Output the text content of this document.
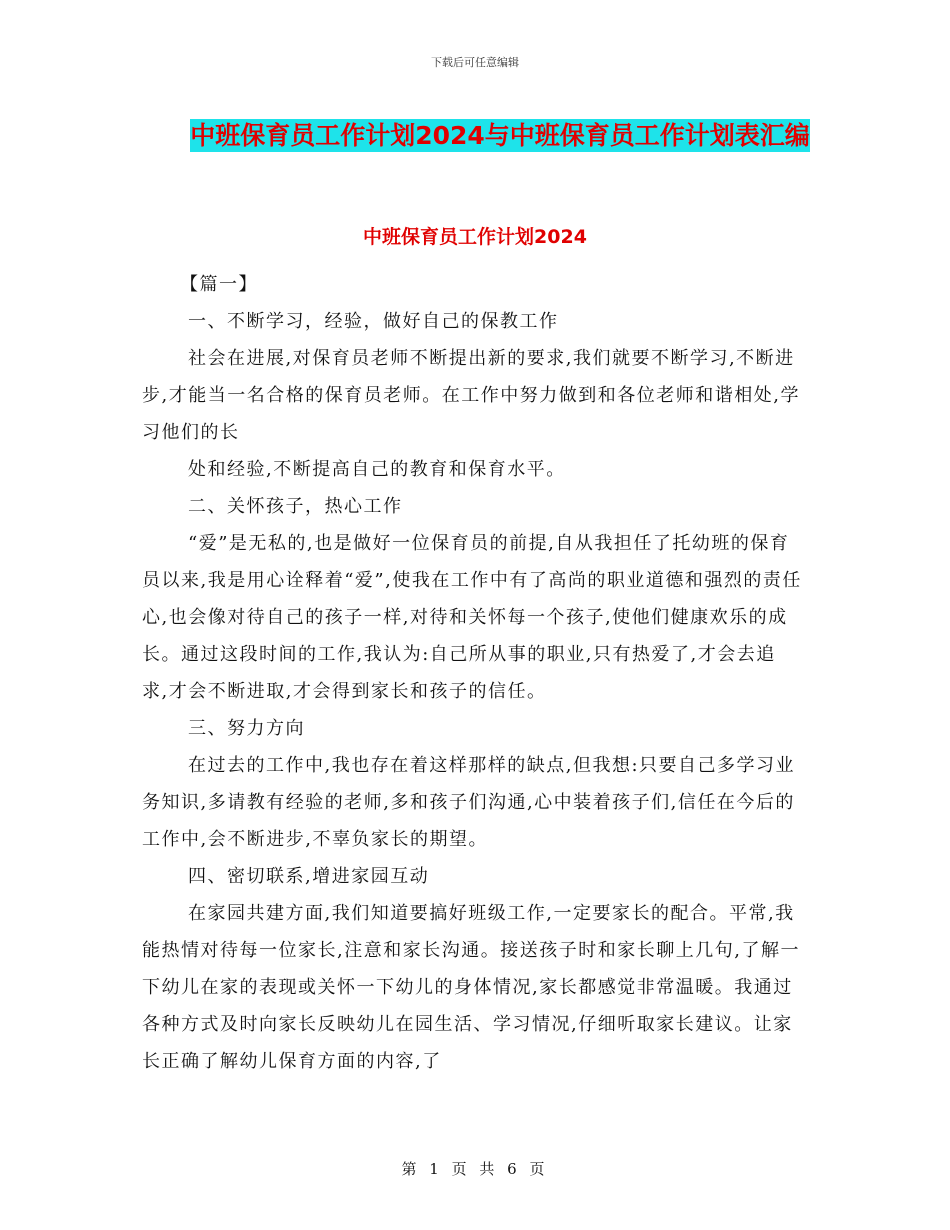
下载后可任意编辑
中班保育员工作计划2024与中班保育员工作计划表汇编
中班保育员工作计划2024

【篇一】

一、不断学习，经验，做好自己的保教工作

社会在进展,对保育员老师不断提出新的要求,我们就要不断学习,不断进步,才能当一名合格的保育员老师。在工作中努力做到和各位老师和谐相处,学习他们的长

处和经验,不断提高自己的教育和保育水平。

二、关怀孩子，热心工作

“爱”是无私的,也是做好一位保育员的前提,自从我担任了托幼班的保育员以来,我是用心诠释着“爱”,使我在工作中有了高尚的职业道德和强烈的责任心,也会像对待自己的孩子一样,对待和关怀每一个孩子,使他们健康欢乐的成长。通过这段时间的工作,我认为:自己所从事的职业,只有热爱了,才会去追求,才会不断进取,才会得到家长和孩子的信任。

三、努力方向

在过去的工作中,我也存在着这样那样的缺点,但我想:只要自己多学习业务知识,多请教有经验的老师,多和孩子们沟通,心中装着孩子们,信任在今后的工作中,会不断进步,不辜负家长的期望。

四、密切联系,增进家园互动

在家园共建方面,我们知道要搞好班级工作,一定要家长的配合。平常,我能热情对待每一位家长,注意和家长沟通。接送孩子时和家长聊上几句,了解一下幼儿在家的表现或关怀一下幼儿的身体情况,家长都感觉非常温暖。我通过各种方式及时向家长反映幼儿在园生活、学习情况,仔细听取家长建议。让家长正确了解幼儿保育方面的内容,了

第 1 页 共 6 页
